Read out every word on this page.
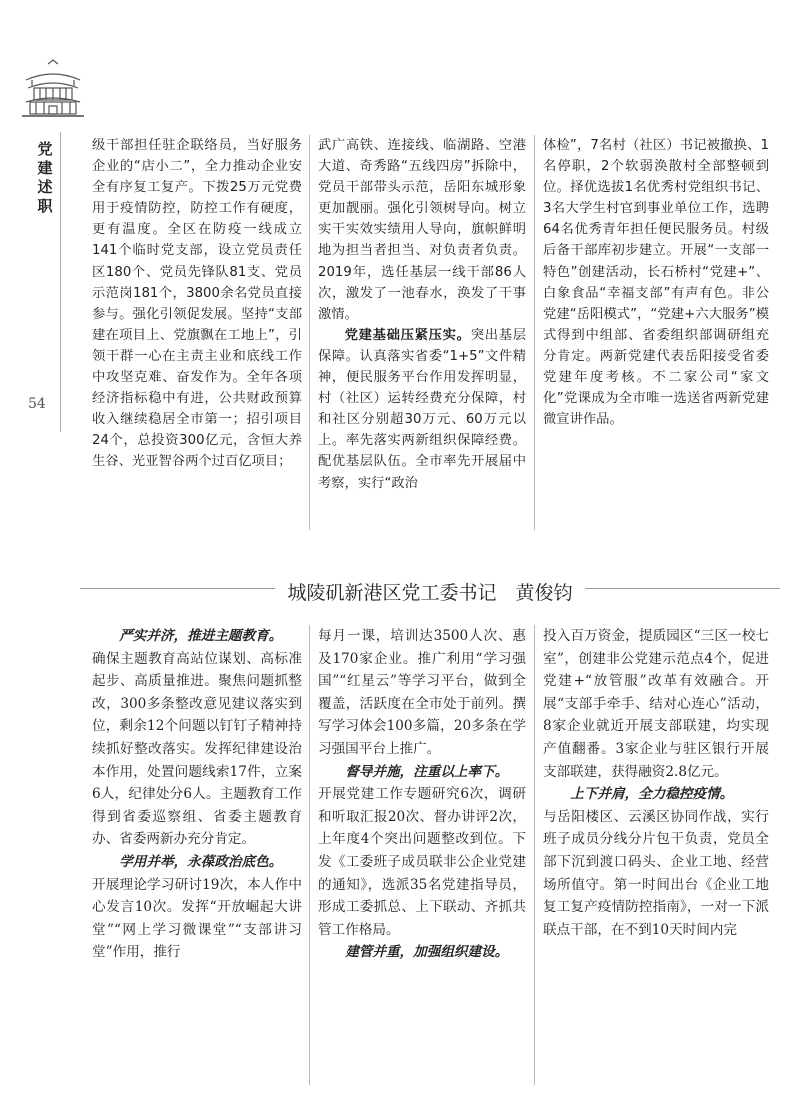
党
建
述
职
54

级干部担任驻企联络员，当好服务企业的“店小二”，全力推动企业安全有序复工复产。下拨25万元党费用于疫情防控，防控工作有硬度，更有温度。全区在防疫一线成立141个临时党支部，设立党员责任区180个、党员先锋队81支、党员示范岗181个，3800余名党员直接参与。强化引领促发展。坚持“支部建在项目上、党旗飘在工地上”，引领干群一心在主责主业和底线工作中攻坚克难、奋发作为。全年各项经济指标稳中有进，公共财政预算收入继续稳居全市第一；招引项目24个，总投资300亿元，含恒大养生谷、光亚智谷两个过百亿项目；

武广高铁、连接线、临湖路、空港大道、奇秀路“五线四房”拆除中，党员干部带头示范，岳阳东城形象更加靓丽。强化引领树导向。树立实干实效实绩用人导向，旗帜鲜明地为担当者担当、对负责者负责。2019年，选任基层一线干部86人次，激发了一池春水，涣发了干事激情。

党建基础压紧压实。突出基层保障。认真落实省委“1+5”文件精神，便民服务平台作用发挥明显，村（社区）运转经费充分保障，村和社区分别超30万元、60万元以上。率先落实两新组织保障经费。配优基层队伍。全市率先开展届中考察，实行“政治

体检”，7名村（社区）书记被撤换、1名停职，2个软弱涣散村全部整顿到位。择优选拔1名优秀村党组织书记、3名大学生村官到事业单位工作，选聘64名优秀青年担任便民服务员。村级后备干部库初步建立。开展“一支部一特色”创建活动，长石桥村“党建+”、白象食品“幸福支部”有声有色。非公党建“岳阳模式”，“党建+六大服务”模式得到中组部、省委组织部调研组充分肯定。两新党建代表岳阳接受省委党建年度考核。不二家公司“家文化”党课成为全市唯一选送省两新党建微宣讲作品。

城陵矶新港区党工委书记　黄俊钧

严实并济，推进主题教育。

确保主题教育高站位谋划、高标准起步、高质量推进。聚焦问题抓整改，300多条整改意见建议落实到位，剩余12个问题以钉钉子精神持续抓好整改落实。发挥纪律建设治本作用，处置问题线索17件，立案6人，纪律处分6人。主题教育工作得到省委巡察组、省委主题教育办、省委两新办充分肯定。

学用并举，永葆政治底色。

开展理论学习研讨19次，本人作中心发言10次。发挥“开放崛起大讲堂”“网上学习微课堂”“支部讲习堂”作用，推行

每月一课，培训达3500人次、惠及170家企业。推广利用“学习强国”“红星云”等学习平台，做到全覆盖，活跃度在全市处于前列。撰写学习体会100多篇，20多条在学习强国平台上推广。

督导并施，注重以上率下。

开展党建工作专题研究6次，调研和听取汇报20次、督办讲评2次，上年度4个突出问题整改到位。下发《工委班子成员联非公企业党建的通知》，选派35名党建指导员，形成工委抓总、上下联动、齐抓共管工作格局。

建管并重，加强组织建设。

投入百万资金，提质园区“三区一校七室”，创建非公党建示范点4个，促进党建+“放管服”改革有效融合。开展“支部手牵手、结对心连心”活动，8家企业就近开展支部联建，均实现产值翻番。3家企业与驻区银行开展支部联建，获得融资2.8亿元。

上下并肩，全力稳控疫情。

与岳阳楼区、云溪区协同作战，实行班子成员分线分片包干负责，党员全部下沉到渡口码头、企业工地、经营场所值守。第一时间出台《企业工地复工复产疫情防控指南》，一对一下派联点干部，在不到10天时间内完
